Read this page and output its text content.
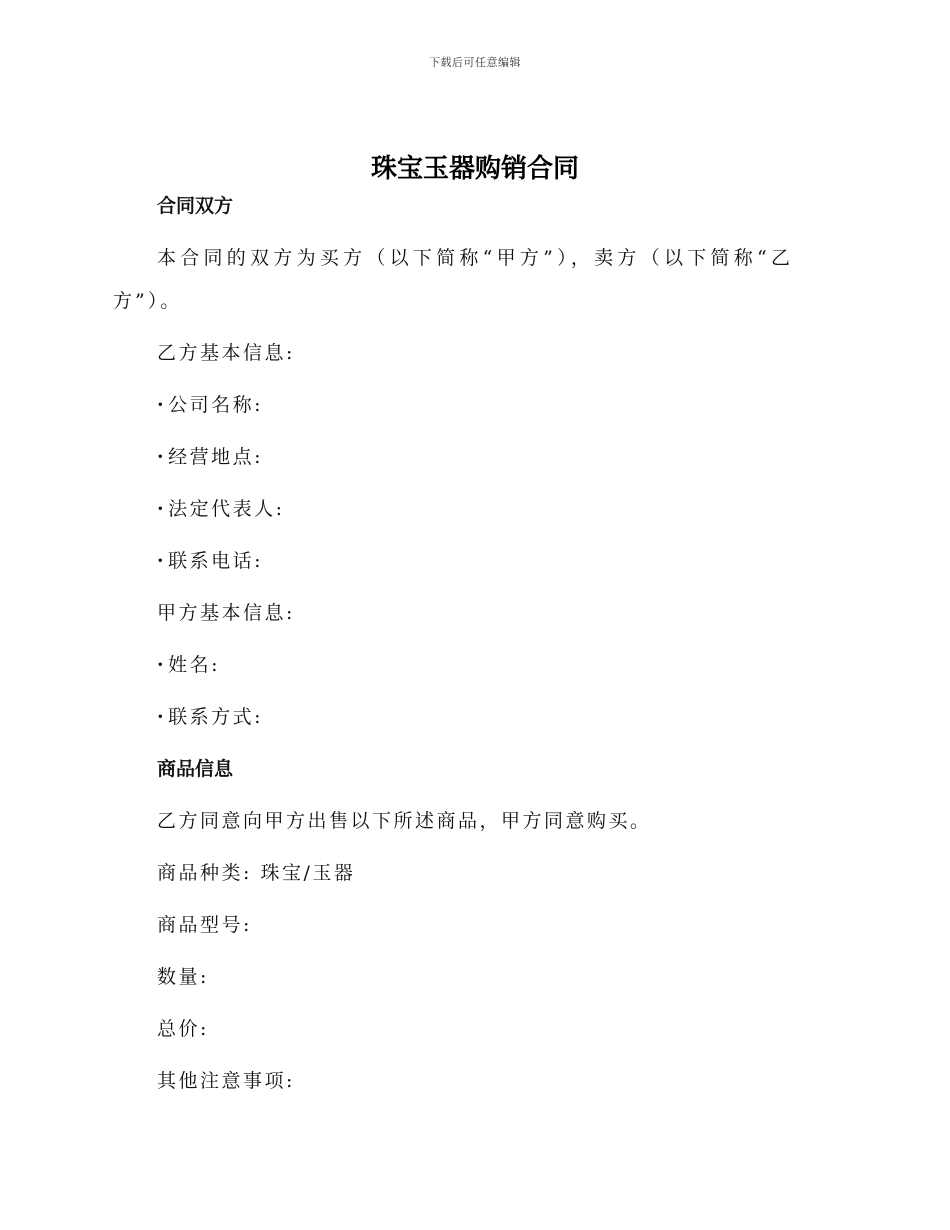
下载后可任意编辑
珠宝玉器购销合同
合同双方

本合同的双方为买方（以下简称“甲方”），卖方（以下简称“乙方”）。

乙方基本信息:
· 公司名称:
· 经营地点:
· 法定代表人:
· 联系电话:
甲方基本信息:
· 姓名:
· 联系方式:
商品信息
乙方同意向甲方出售以下所述商品，甲方同意购买。
商品种类: 珠宝/玉器
商品型号:
数量:
总价:
其他注意事项:
